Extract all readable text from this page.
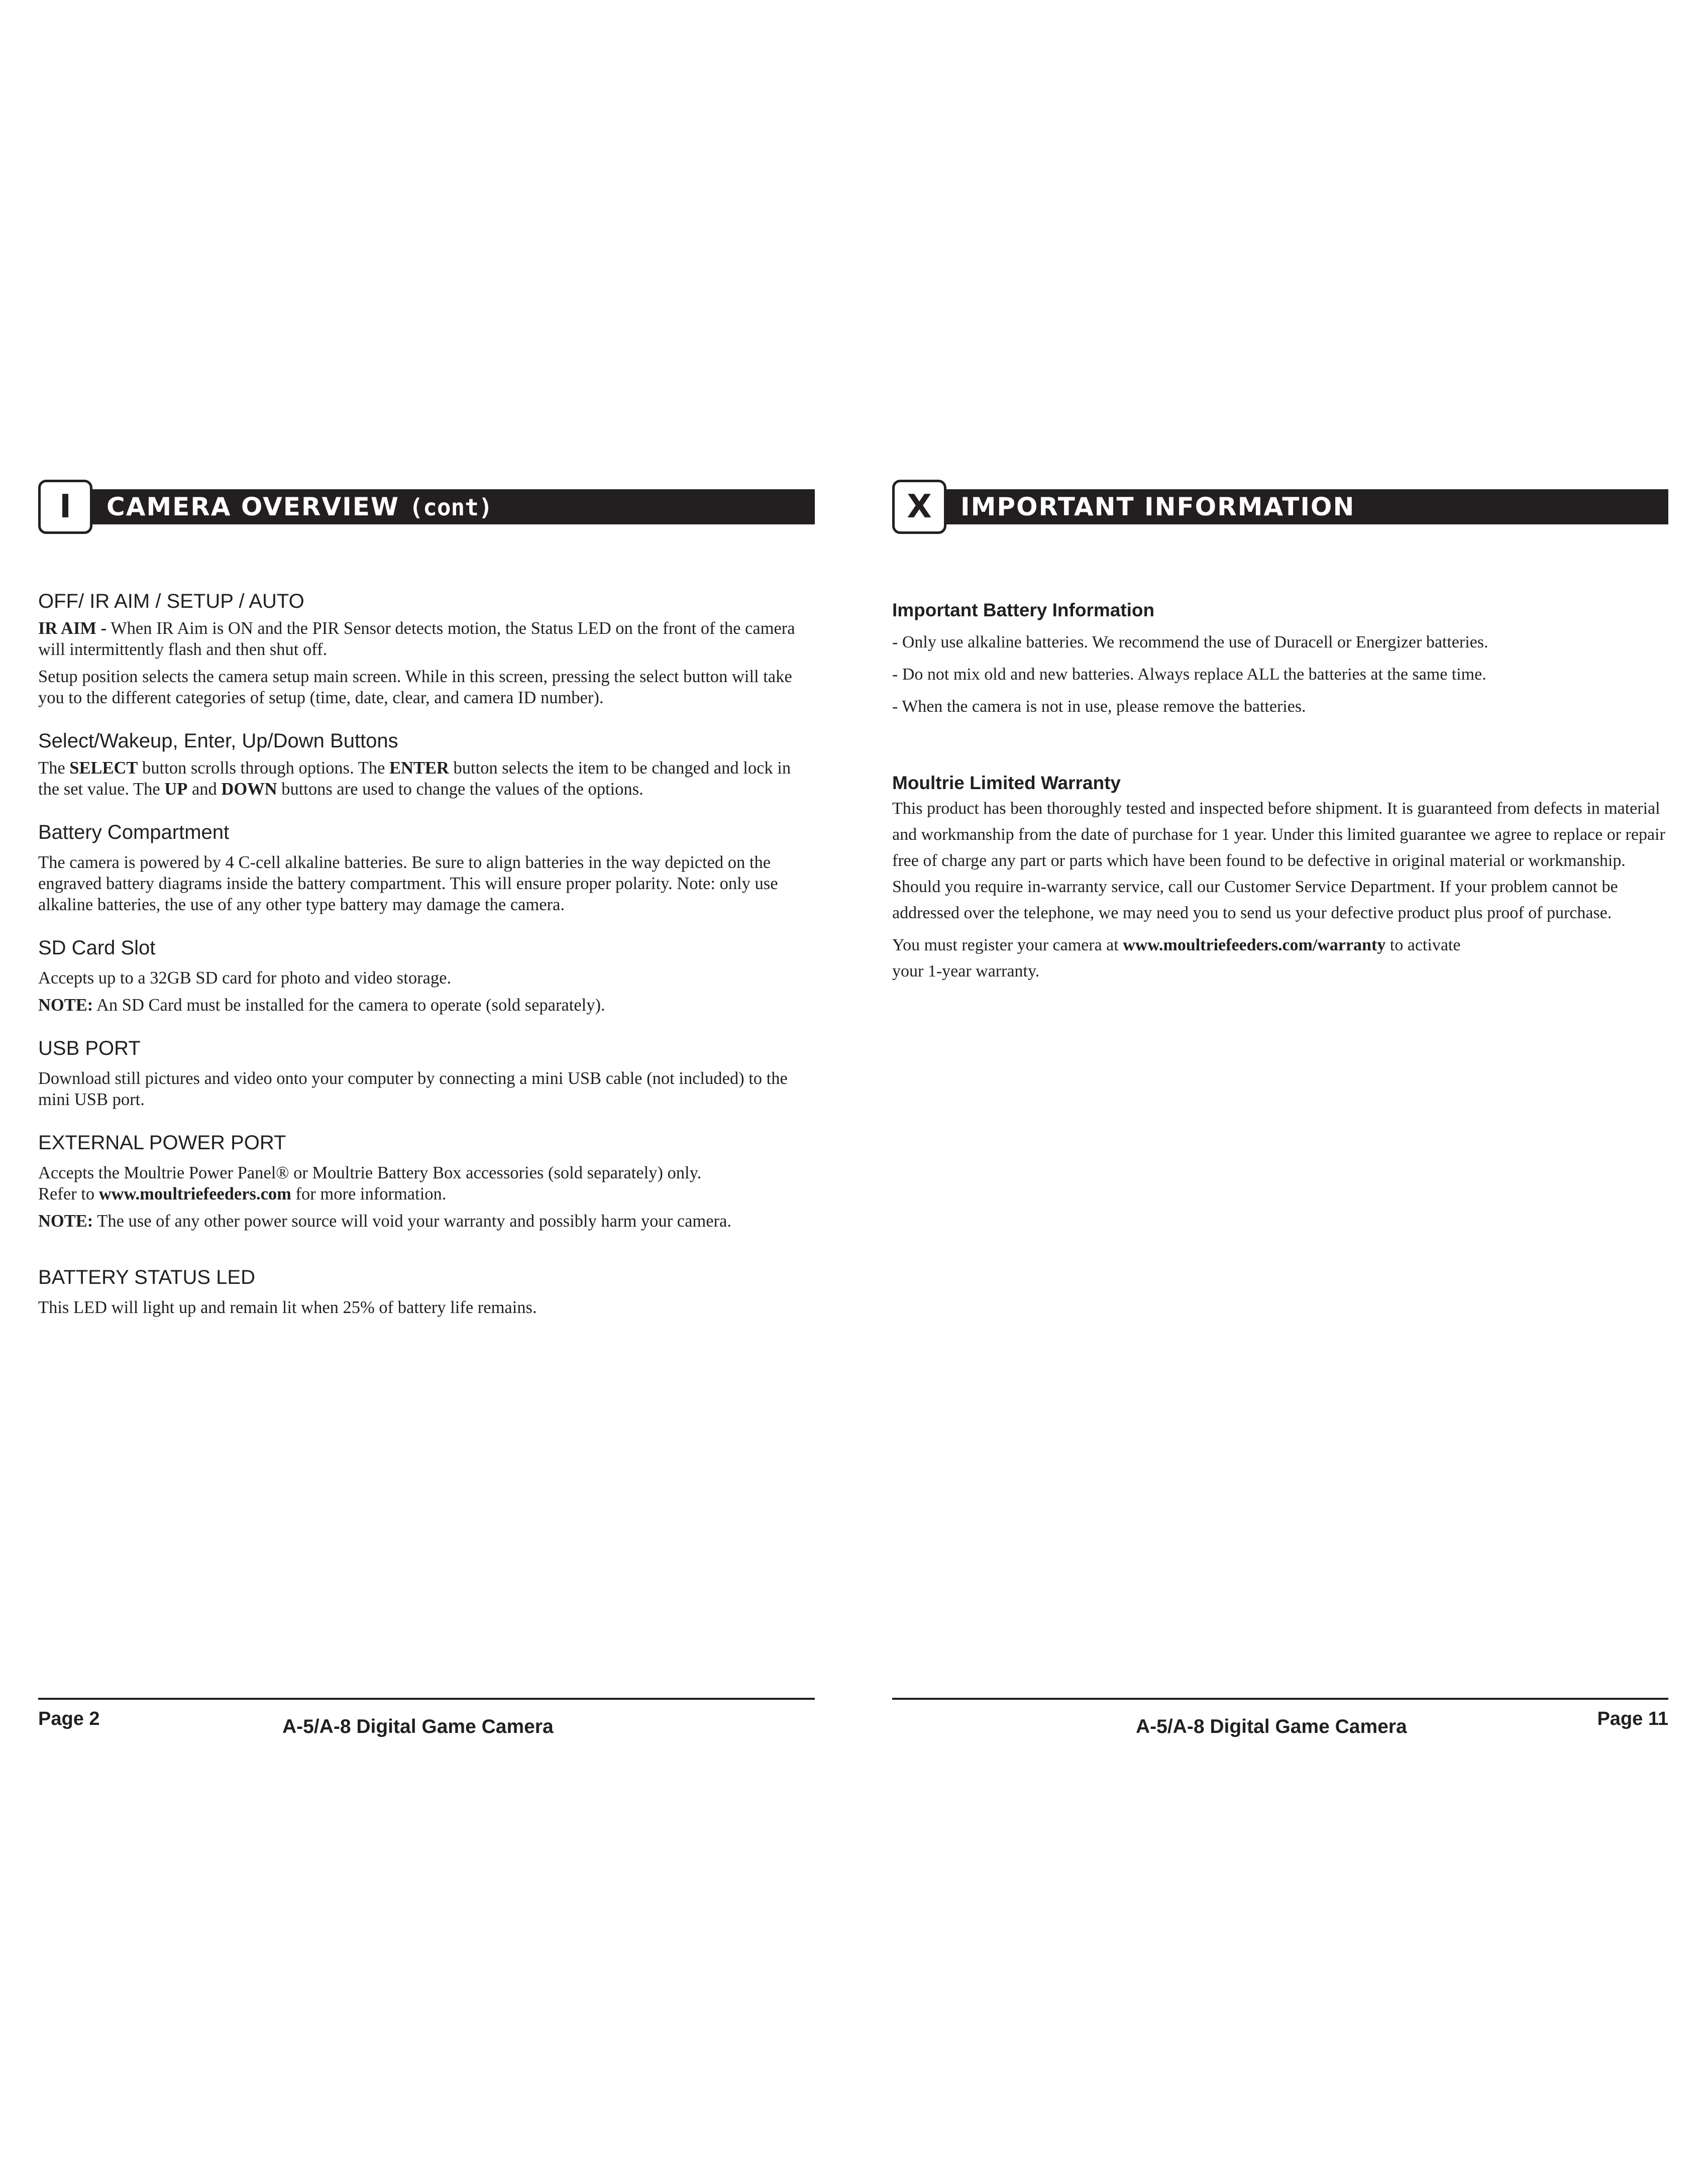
CAMERA OVERVIEW (cont)
I
OFF/ IR AIM / SETUP / AUTO

IR AIM - When IR Aim is ON and the PIR Sensor detects motion, the Status LED on the front of the camera will intermittently flash and then shut off.

Setup position selects the camera setup main screen. While in this screen, pressing the select button will take you to the different categories of setup (time, date, clear, and camera ID number).

Select/Wakeup, Enter, Up/Down Buttons

The SELECT button scrolls through options. The ENTER button selects the item to be changed and lock in the set value. The UP and DOWN buttons are used to change the values of the options.

Battery Compartment

The camera is powered by 4 C-cell alkaline batteries. Be sure to align batteries in the way depicted on the engraved battery diagrams inside the battery compartment. This will ensure proper polarity. Note: only use alkaline batteries, the use of any other type battery may damage the camera.

SD Card Slot

Accepts up to a 32GB SD card for photo and video storage.

NOTE: An SD Card must be installed for the camera to operate (sold separately).

USB PORT

Download still pictures and video onto your computer by connecting a mini USB cable (not included) to the mini USB port.

EXTERNAL POWER PORT

Accepts the Moultrie Power Panel® or Moultrie Battery Box accessories (sold separately) only.
Refer to www.moultriefeeders.com for more information.

NOTE: The use of any other power source will void your warranty and possibly harm your camera.

BATTERY STATUS LED

This LED will light up and remain lit when 25% of battery life remains.

Page 2	A-5/A-8 Digital Game Camera
IMPORTANT INFORMATION
X
Important Battery Information

- Only use alkaline batteries. We recommend the use of Duracell or Energizer batteries.

- Do not mix old and new batteries. Always replace ALL the batteries at the same time.

- When the camera is not in use, please remove the batteries.

Moultrie Limited Warranty

This product has been thoroughly tested and inspected before shipment. It is guaranteed from defects in material and workmanship from the date of purchase for 1 year. Under this limited guarantee we agree to replace or repair free of charge any part or parts which have been found to be defective in original material or workmanship. Should you require in-warranty service, call our Customer Service Department. If your problem cannot be addressed over the telephone, we may need you to send us your defective product plus proof of purchase.

You must register your camera at www.moultriefeeders.com/warranty to activate
your 1-year warranty.

A-5/A-8 Digital Game Camera	Page 11
